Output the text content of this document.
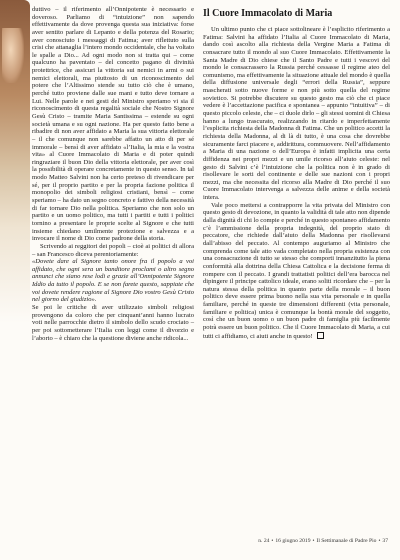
duttivo – il riferimento all’Onnipotente è necessario e doveroso. Parliamo di “intuizione” non sapendo effettivamente da dove provenga questa sua iniziativa: forse aver sentito parlare di Lepanto e della potenza del Rosario; aver conosciuto i messaggi di Fatima; aver riflettuto sulla crisi che attanaglia l’intero mondo occidentale, che ha voltato le spalle a Dio... Ad ogni modo non si tratta qui – come qualcuno ha paventato – del concetto pagano di divinità protettrice, che assicuri la vittoria sui nemici in armi o sui nemici elettorali, ma piuttosto di un riconoscimento del potere che l’Altissimo stende su tutto ciò che è umano, perché tutto proviene dalle sue mani e tutto deve tornare a Lui. Nelle parole e nei gesti del Ministro speriamo vi sia il riconoscimento di questa regalità sociale che Nostro Signore Gesù Cristo – tramite Maria Santissima – estende su ogni società umana e su ogni nazione. Ha per questo fatto bene a ribadire di non aver affidato a Maria la sua vittoria elettorale – il che comunque non sarebbe affatto un atto di per sé immorale – bensì di aver affidato «l’Italia, la mia e la vostra vita» al Cuore Immacolato di Maria e di poter quindi ringraziare il buon Dio della vittoria elettorale, per aver così la possibilità di operare concretamente in questo senso. In tal modo Matteo Salvini non ha certo preteso di rivendicare per sé, per il proprio partito e per la propria fazione politica il monopolio dei simboli religiosi cristiani, bensì – come speriamo – ha dato un segno concreto e fattivo della necessità di far tornare Dio nella politica. Speriamo che non solo un partito e un uomo politico, ma tutti i partiti e tutti i politici tornino a presentare le proprie scelte al Signore e che tutti insieme chiedano umilmente protezione e salvezza e a invocare il nome di Dio come padrone della storia.

Scrivendo ai reggitori dei popoli – cioè ai politici di allora – san Francesco diceva perentoriamente:

«Dovete dare al Signore tanto onore fra il popolo a voi affidato, che ogni sera un banditore proclami o altro segno annunci che siano rese lodi e grazie all’Onnipotente Signore Iddio da tutto il popolo. E se non farete questo, sappiate che voi dovete rendere ragione al Signore Dio vostro Gesù Cristo nel giorno del giudizio».

Se poi le critiche di aver utilizzato simboli religiosi provengono da coloro che per cinquant’anni hanno lucrato voti nelle parrocchie dietro il simbolo dello scudo crociato – per poi sottometterare l’Italia con leggi come il divorzio e l’aborto – è chiaro che la questione diviene anche ridicola...

Il Cuore Immacolato di Maria

Un ultimo punto che ci piace sottolineare è l’esplicito riferimento a Fatima: Salvini ha affidato l’Italia al Cuore Immacolato di Maria, dando così ascolto alla richiesta della Vergine Maria a Fatima di consacrare tutto il mondo al suo Cuore Immacolato. Effettivamente la Santa Madre di Dio chiese che il Santo Padre e tutti i vescovi del mondo le consacrassero la Russia perché cessasse il regime ateo del comunismo, ma effettivamente la situazione attuale del mondo è quella della diffusione universale degli “errori della Russia”, seppure mascherati sotto nuove forme e non più sotto quella del regime sovietico. Si potrebbe discutere su questo gesto ma ciò che ci piace vedere è l’accettazione pacifica e spontanea – appunto “intuitiva” – di questo piccolo celeste, che – ci duole dirlo – gli stessi uomini di Chiesa hanno a lungo trascurato, realizzando in ritardo e imperfettamente l’esplicita richiesta della Madonna di Fatima. Che un politico accetti la richiesta della Madonna, al di là di tutto, è una cosa che dovrebbe sicuramente farci piacere e, addirittura, commuovere. Nell’affidamento a Maria di una nazione o dell’Europa è infatti implicita una certa diffidenza nei propri mezzi e un umile ricorso all’aiuto celeste: nel gesto di Salvini c’è l’intuizione che la politica non è in grado di risollevare le sorti del continente e delle sue nazioni con i propri mezzi, ma che necessita del ricorso alla Madre di Dio perché il suo Cuore Immacolato intervenga a salvezza delle anime e della società intera.

Vale poco mettersi a contrapporre la vita privata del Ministro con questo gesto di devozione, in quanto la validità di tale atto non dipende dalla dignità di chi lo compie e perché in questo spontaneo affidamento c’è l’ammissione della propria indegnità, del proprio stato di peccatore, che richiede dall’aiuto della Madonna per risollevarsi dall’abisso del peccato. Al contempo auguriamo al Ministro che comprenda come tale atto vada completato nella propria esistenza con una consacrazione di tutto se stesso che comporti innanzitutto la piena conformità alla dottrina della Chiesa Cattolica e la decisione ferma di rompere con il peccato. I grandi trattatisti politici dell’era barocca nel dipingere il principe cattolico ideale, erano soliti ricordare che – per la natura stessa della politica in quanto parte della morale – il buon politico deve essere prima buono nella sua vita personale e in quella familiare, perché in queste tre dimensioni differenti (vita personale, familiare e politica) unica è comunque la bontà morale del soggetto, così che un buon uomo o un buon padre di famiglia più facilmente potrà essere un buon politico. Che il Cuore Immacolato di Maria, a cui tutti ci affidiamo, ci aiuti anche in questo!

n. 24 • 16 giugno 2019 • Il Settimanale di Padre Pio • 37
